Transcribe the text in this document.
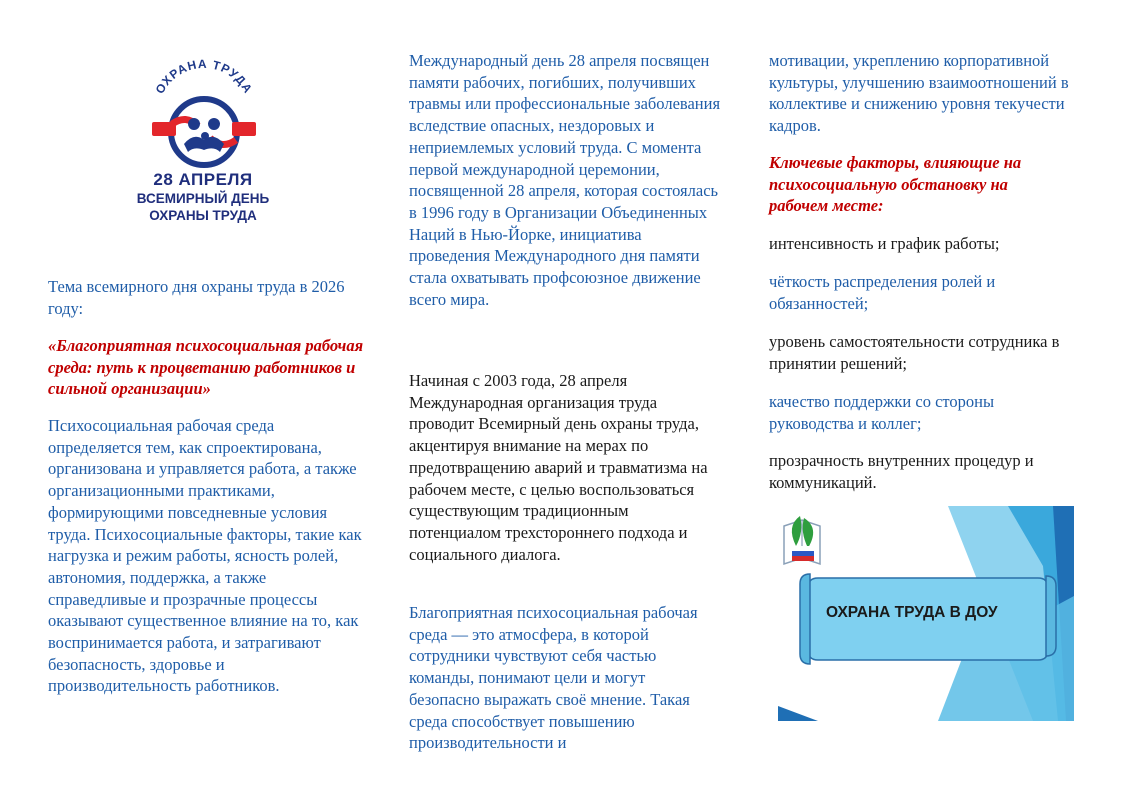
ОХРАНА ТРУДА
28 АПРЕЛЯ
ВСЕМИРНЫЙ ДЕНЬ
ОХРАНЫ ТРУДА

Тема всемирного дня охраны труда в 2026 году:

«Благоприятная психосоциальная рабочая среда: путь к процветанию работников и сильной организации»

Психосоциальная рабочая среда определяется тем, как спроектирована, организована и управляется работа, а также организационными практиками, формирующими повседневные условия труда. Психосоциальные факторы, такие как нагрузка и режим работы, ясность ролей, автономия, поддержка, а также справедливые и прозрачные процессы оказывают существенное влияние на то, как воспринимается работа, и затрагивают безопасность, здоровье и производительность работников.

Международный день 28 апреля посвящен памяти рабочих, погибших, получивших травмы или профессиональные заболевания вследствие опасных, нездоровых и неприемлемых условий труда. С момента первой международной церемонии, посвященной 28 апреля, которая состоялась в 1996 году в Организации Объединенных Наций в Нью-Йорке, инициатива проведения Международного дня памяти стала охватывать профсоюзное движение всего мира.

Начиная с 2003 года, 28 апреля Международная организация труда проводит Всемирный день охраны труда, акцентируя внимание на мерах по предотвращению аварий и травматизма на рабочем месте, с целью воспользоваться существующим традиционным потенциалом трехстороннего подхода и социального диалога.

Благоприятная психосоциальная рабочая среда — это атмосфера, в которой сотрудники чувствуют себя частью команды, понимают цели и могут безопасно выражать своё мнение. Такая среда способствует повышению производительности и

мотивации, укреплению корпоративной культуры, улучшению взаимоотношений в коллективе и снижению уровня текучести кадров.

Ключевые факторы, влияющие на психосоциальную обстановку на рабочем месте:

интенсивность и график работы;

чёткость распределения ролей и обязанностей;

уровень самостоятельности сотрудника в принятии решений;

качество поддержки со стороны руководства и коллег;

прозрачность внутренних процедур и коммуникаций.

ОХРАНА ТРУДА В ДОУ
